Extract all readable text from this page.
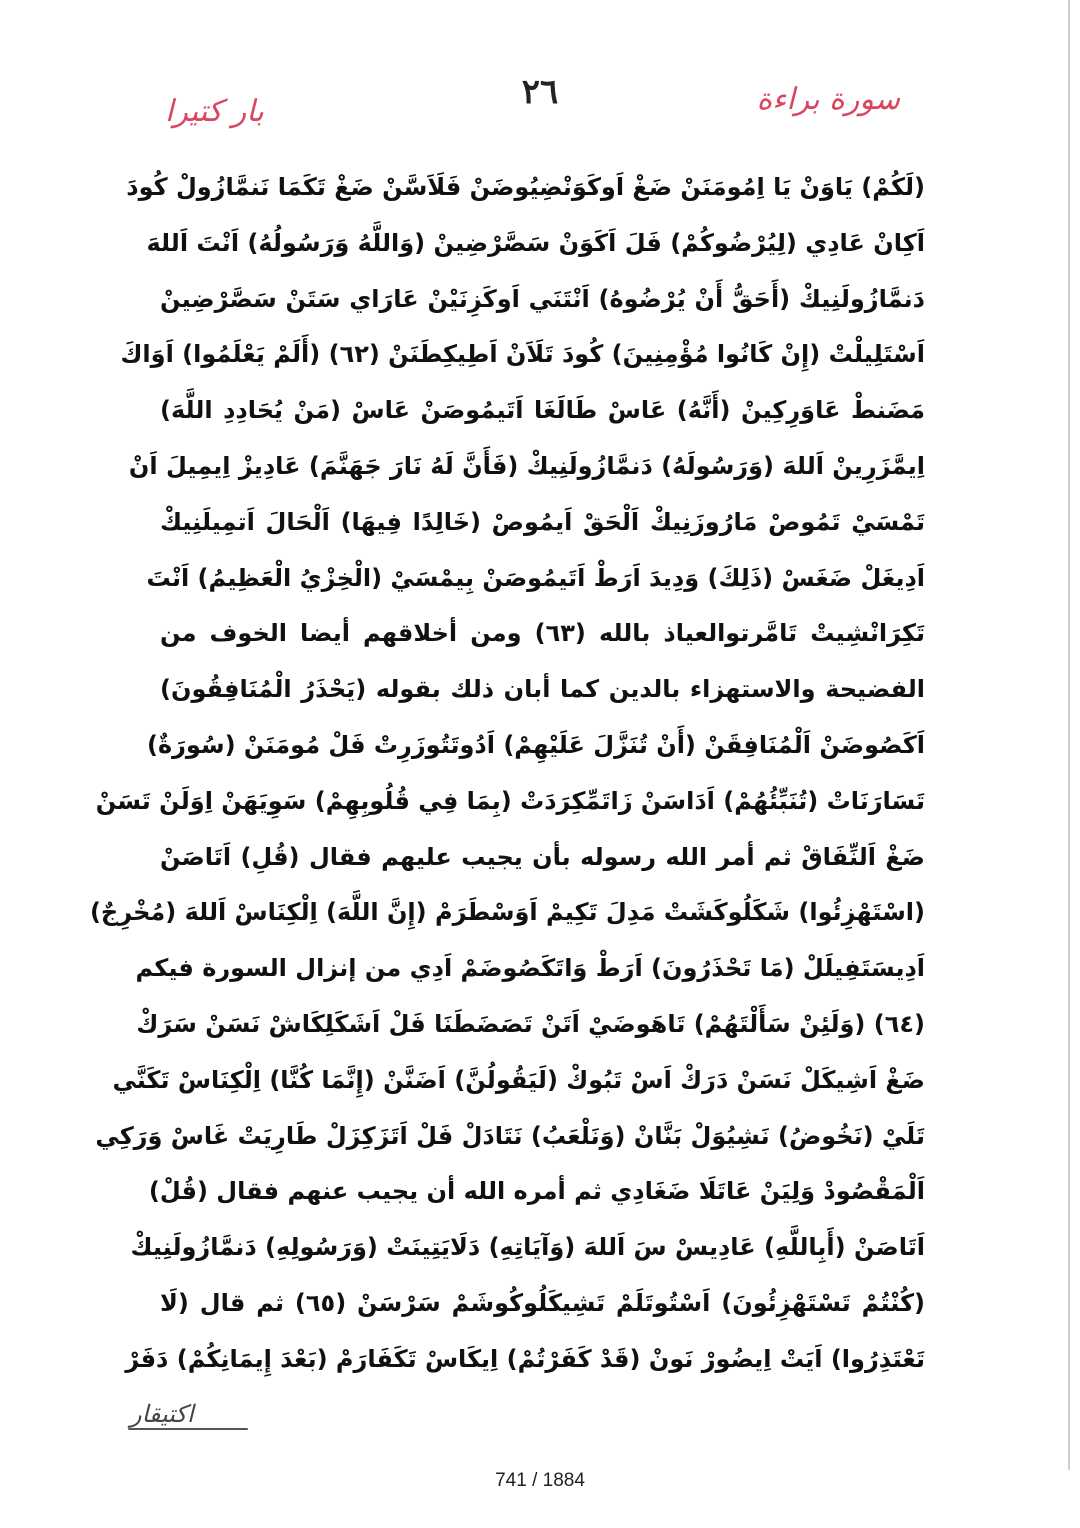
٢٦	سورة براءة
بار كتيرا
(لَكُمْ) يَاوَنْ يَا اِمُومَنَنْ ضَغْ اَوكَوَنْضِيُوضَنْ فَلَاَسَّنْ ضَغْ تَكَمَا نَنمَّازُولْ كُودَ
اَكِانْ عَادِي (لِيُرْضُوكُمْ) فَلَ اَكَوَنْ سَصَّرْضِينْ (وَاللَّهُ وَرَسُولُهُ) اَنْتَ اَللهَ
دَنمَّازُولَنِيكْ (أَحَقُّ أَنْ يُرْضُوهُ) اَنْتَنَي اَوكَزِنَيْنْ عَارَاي سَتَنْ سَصَّرْضِينْ
اَسْتَلِيلْتْ (إِنْ كَانُوا مُؤْمِنِينَ) كُودَ تَلَاَنْ اَطِيكِطَنَنْ (٦٢) (أَلَمْ يَعْلَمُوا) اَوَاكَ
مَضَنطْ عَاوَرِكِينْ (أَنَّهُ) عَاسْ طَالَغَا اَتَيمُوصَنْ عَاسْ (مَنْ يُحَادِدِ اللَّهَ)
اِيمَّزَرِينْ اَللهَ (وَرَسُولَهُ) دَنمَّازُولَنِيكْ (فَأَنَّ لَهُ نَارَ جَهَنَّمَ) عَادِيزْ اِيمِيلَ اَنْ
تَمْسَيْ تَمُوصْ مَارُوزَنِيكْ اَلْحَقْ اَيمُوصْ (خَالِدًا فِيهَا) اَلْحَالَ اَتمِيلَنِيكْ
اَدِيغَلْ ضَغَسْ (ذَلِكَ) وَدِيدَ اَرَطْ اَتَيمُوصَنْ بِيمْسَيْ (الْخِزْيُ الْعَظِيمُ) اَنْتَ
تَكِرَانْشِيتْ تَامَّرتوالعياذ بالله (٦٣) ومن أخلاقهم أيضا الخوف من
الفضيحة والاستهزاء بالدين كما أبان ذلك بقوله (يَحْذَرُ الْمُنَافِقُونَ)
اَكَصُوضَنْ اَلْمُنَافِقَنْ (أَنْ تُنَزَّلَ عَلَيْهِمْ) اَدُوتَتُوزَرِتْ فَلْ مُومَنَنْ (سُورَةٌ)
تَسَارَنَاتْ (تُنَبِّئُهُمْ) اَدَاسَنْ زَاتَمِّكِرَدَتْ (بِمَا فِي قُلُوبِهِمْ) سَوِيَهَنْ اِوَلَنْ تَسَنْ
ضَغْ اَلنِّفَاقْ ثم أمر الله رسوله بأن يجيب عليهم فقال (قُلِ) اَتَاصَنْ
(اسْتَهْزِئُوا) شَكَلُوكَشَتْ مَدِلَ تَكِيمْ اَوَسْطَرَمْ (إِنَّ اللَّهَ) اِلْكِنَاسْ اَللهَ (مُخْرِجٌ)
اَدِيسَتَفِيلَلْ (مَا تَحْذَرُونَ) اَرَطْ وَاتَكَصُوضَمْ اَدِي من إنزال السورة فيكم
(٦٤) (وَلَئِنْ سَأَلْتَهُمْ) تَاهَوضَيْ اَتَنْ تَصَضَطَنَا فَلْ اَشَكَلِكَاشْ نَسَنْ سَرَكْ
ضَغْ اَشِيكَلْ نَسَنْ دَرَكْ اَسْ تَبُوكْ (لَيَقُولُنَّ) اَضَنَّنْ (إِنَّمَا كُنَّا) اِلْكِنَاسْ تَكَنَّي
تَلَيْ (نَخُوضُ) نَشِيُوَلْ بَنَّانْ (وَنَلْعَبُ) نَتَادَلْ فَلْ اَتَزَكِزَلْ طَارِيَتْ غَاسْ وَرَكِي
اَلْمَقْصُودْ وَلِيَنْ عَاتَلَا ضَغَادِي ثم أمره الله أن يجيب عنهم فقال (قُلْ)
اَتَاصَنْ (أَبِاللَّهِ) عَادِيسْ سَ اَللهَ (وَآيَاتِهِ) دَلَايَتِينَتْ (وَرَسُولِهِ) دَنمَّازُولَنِيكْ
(كُنْتُمْ تَسْتَهْزِئُونَ) اَسْتُوتَلَمْ تَشِيكَلُوكُوشَمْ سَرْسَنْ (٦٥) ثم قال (لَا
تَعْتَذِرُوا) اَيَتْ اِيضُورْ نَونْ (قَدْ كَفَرْتُمْ) اِيكَاسْ تَكَفَارَمْ (بَعْدَ إِيمَانِكُمْ) دَفَرْ
اكتيقار
741 / 1884
